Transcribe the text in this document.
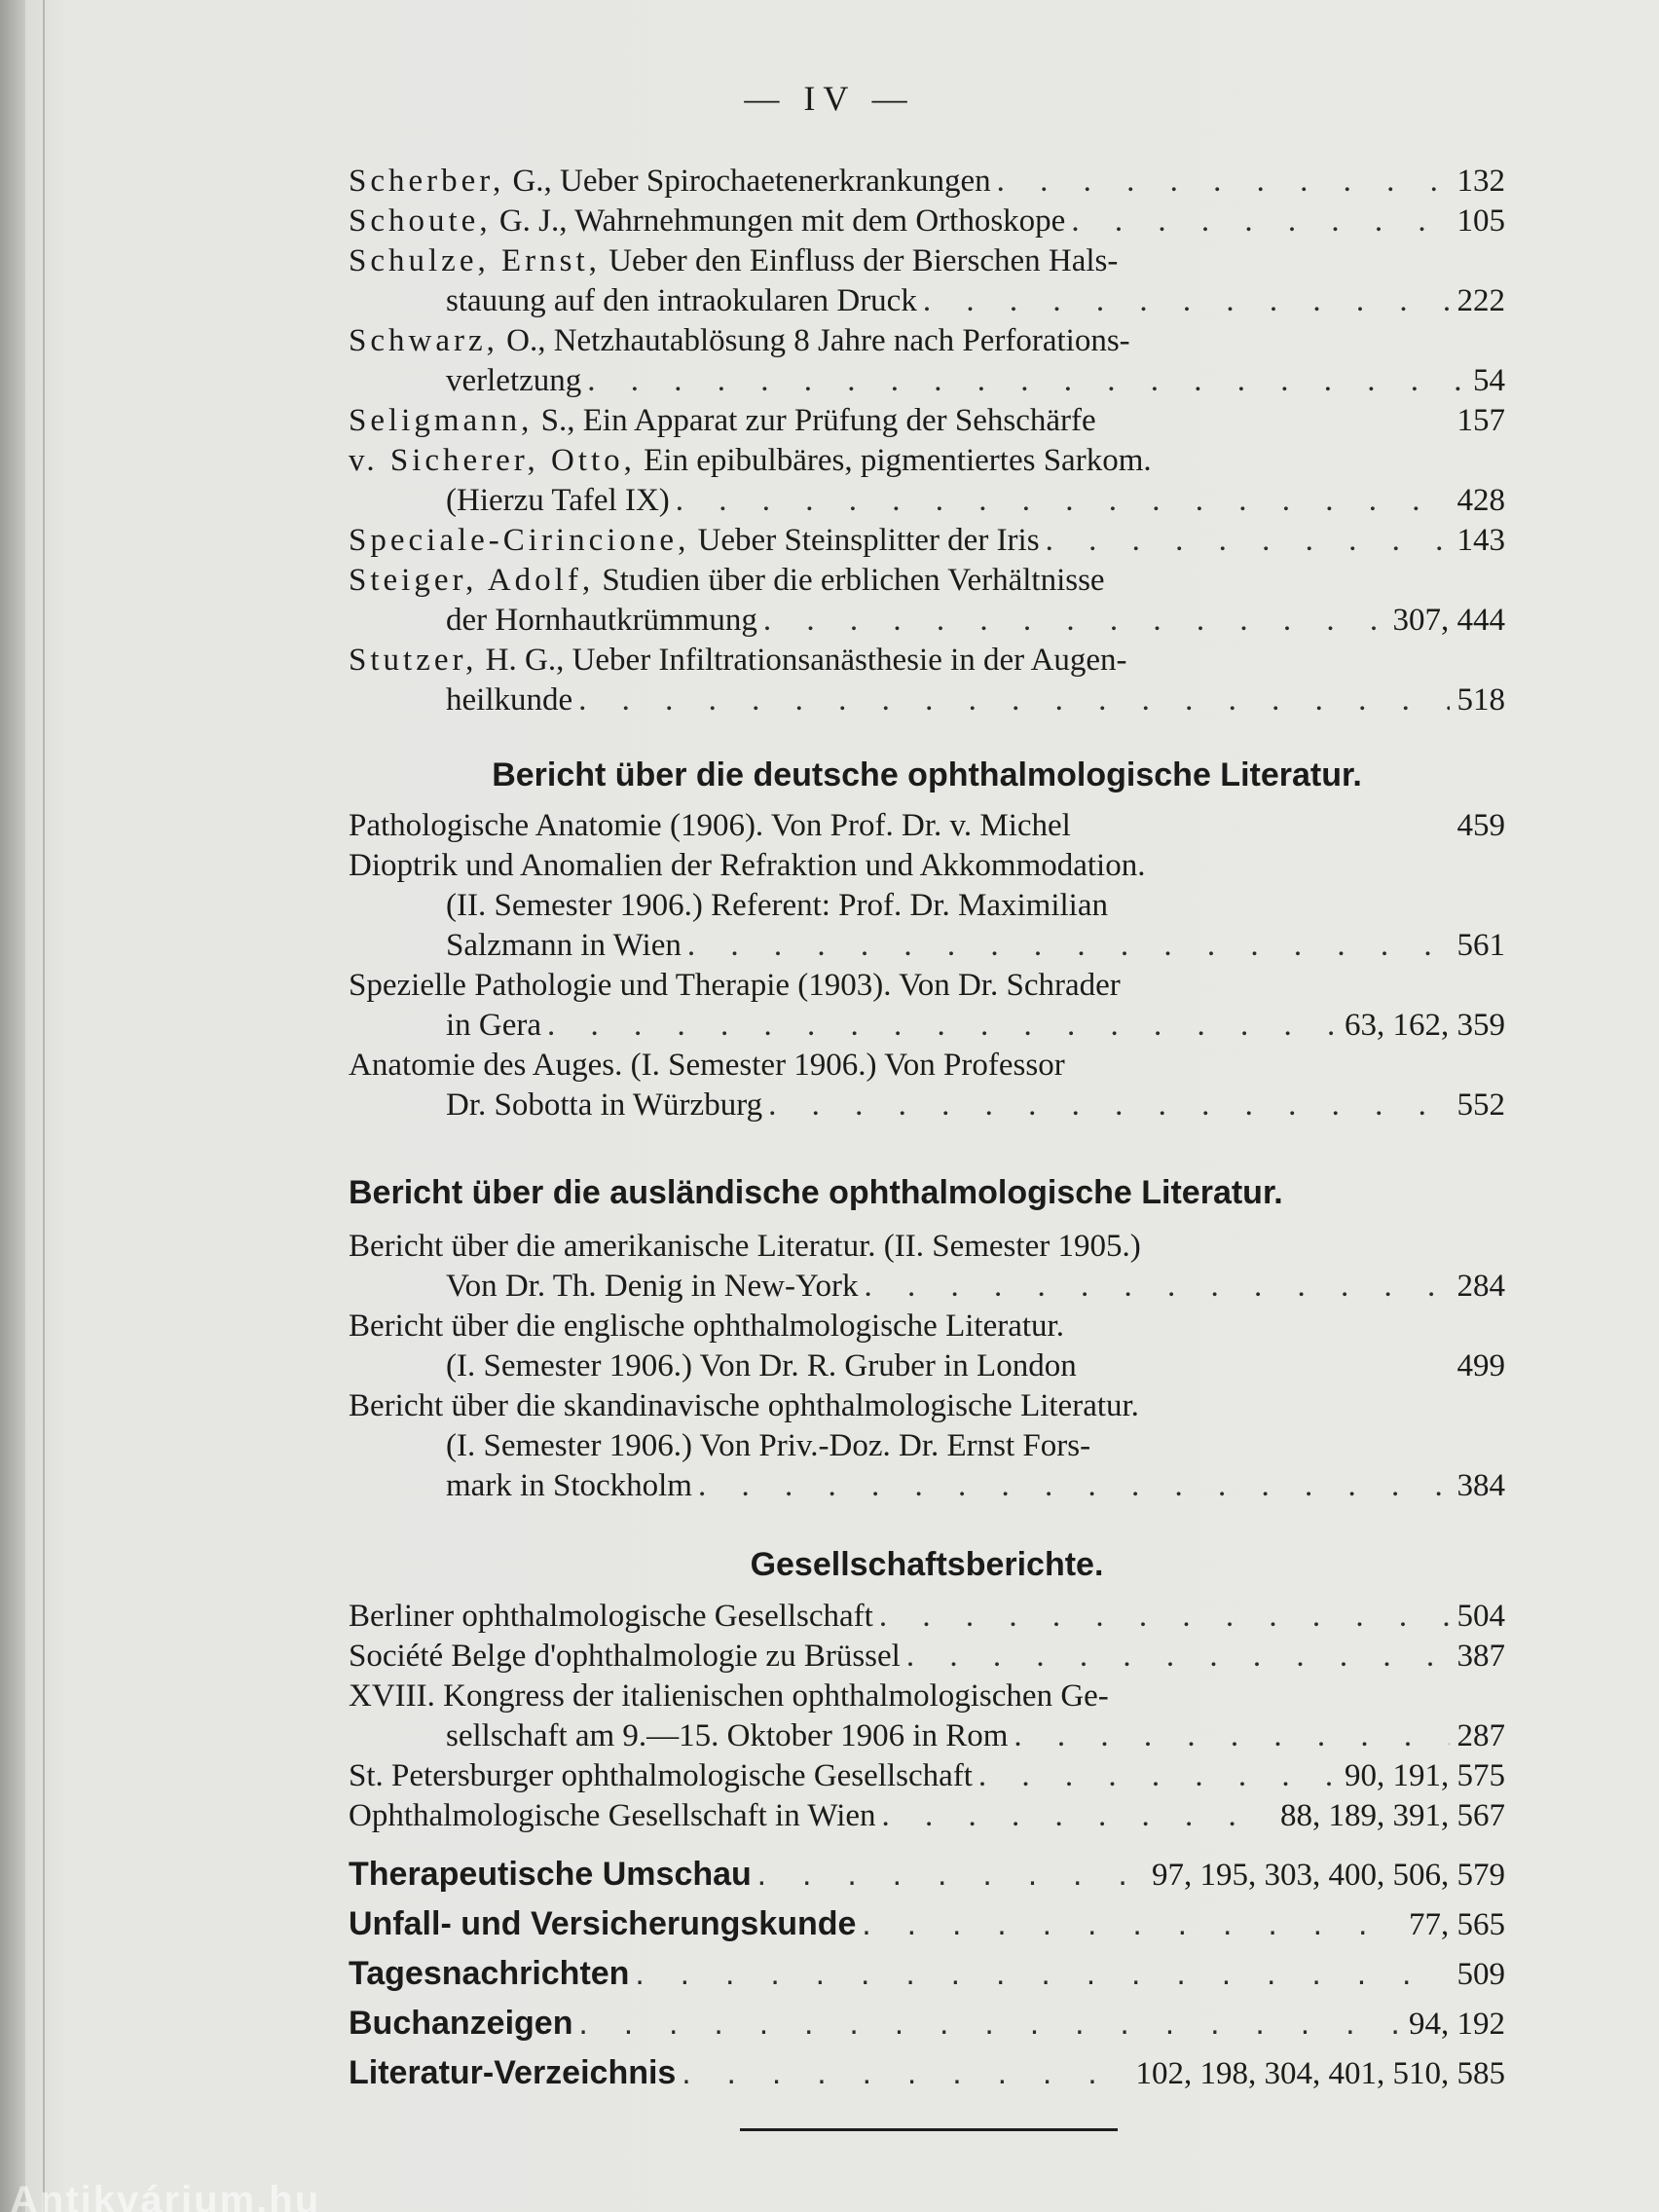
— IV —
Scherber, G., Ueber Spirochaetenerkrankungen . . .	132
Schoute, G. J., Wahrnehmungen mit dem Orthoskope . . .	105
Schulze, Ernst, Ueber den Einfluss der Bierschen Hals-
stauung auf den intraokularen Druck . . .	222
Schwarz, O., Netzhautablösung 8 Jahre nach Perforations-
verletzung . . .	54
Seligmann, S., Ein Apparat zur Prüfung der Sehschärfe	157
v. Sicherer, Otto, Ein epibulbäres, pigmentiertes Sarkom.
(Hierzu Tafel IX) . . .	428
Speciale-Cirincione, Ueber Steinsplitter der Iris . . .	143
Steiger, Adolf, Studien über die erblichen Verhältnisse
der Hornhautkrümmung . . .	307, 444
Stutzer, H. G., Ueber Infiltrationsanästhesie in der Augen-
heilkunde . . .	518
Bericht über die deutsche ophthalmologische Literatur.
Pathologische Anatomie (1906). Von Prof. Dr. v. Michel	459
Dioptrik und Anomalien der Refraktion und Akkommodation.
(II. Semester 1906.) Referent: Prof. Dr. Maximilian
Salzmann in Wien . . .	561
Spezielle Pathologie und Therapie (1903). Von Dr. Schrader
in Gera . . .	63, 162, 359
Anatomie des Auges. (I. Semester 1906.) Von Professor
Dr. Sobotta in Würzburg . . .	552
Bericht über die ausländische ophthalmologische Literatur.
Bericht über die amerikanische Literatur. (II. Semester 1905.)
Von Dr. Th. Denig in New-York . . .	284
Bericht über die englische ophthalmologische Literatur.
(I. Semester 1906.) Von Dr. R. Gruber in London	499
Bericht über die skandinavische ophthalmologische Literatur.
(I. Semester 1906.) Von Priv.-Doz. Dr. Ernst Fors-
mark in Stockholm . . .	384
Gesellschaftsberichte.
Berliner ophthalmologische Gesellschaft . . .	504
Société Belge d'ophthalmologie zu Brüssel . . .	387
XVIII. Kongress der italienischen ophthalmologischen Ge-
sellschaft am 9.—15. Oktober 1906 in Rom . . .	287
St. Petersburger ophthalmologische Gesellschaft . . .	90, 191, 575
Ophthalmologische Gesellschaft in Wien . . .	88, 189, 391, 567
Therapeutische Umschau . . .	97, 195, 303, 400, 506, 579
Unfall- und Versicherungskunde . . .	77, 565
Tagesnachrichten . . .	509
Buchanzeigen . . .	94, 192
Literatur-Verzeichnis . . .	102, 198, 304, 401, 510, 585
Antikvárium.hu
